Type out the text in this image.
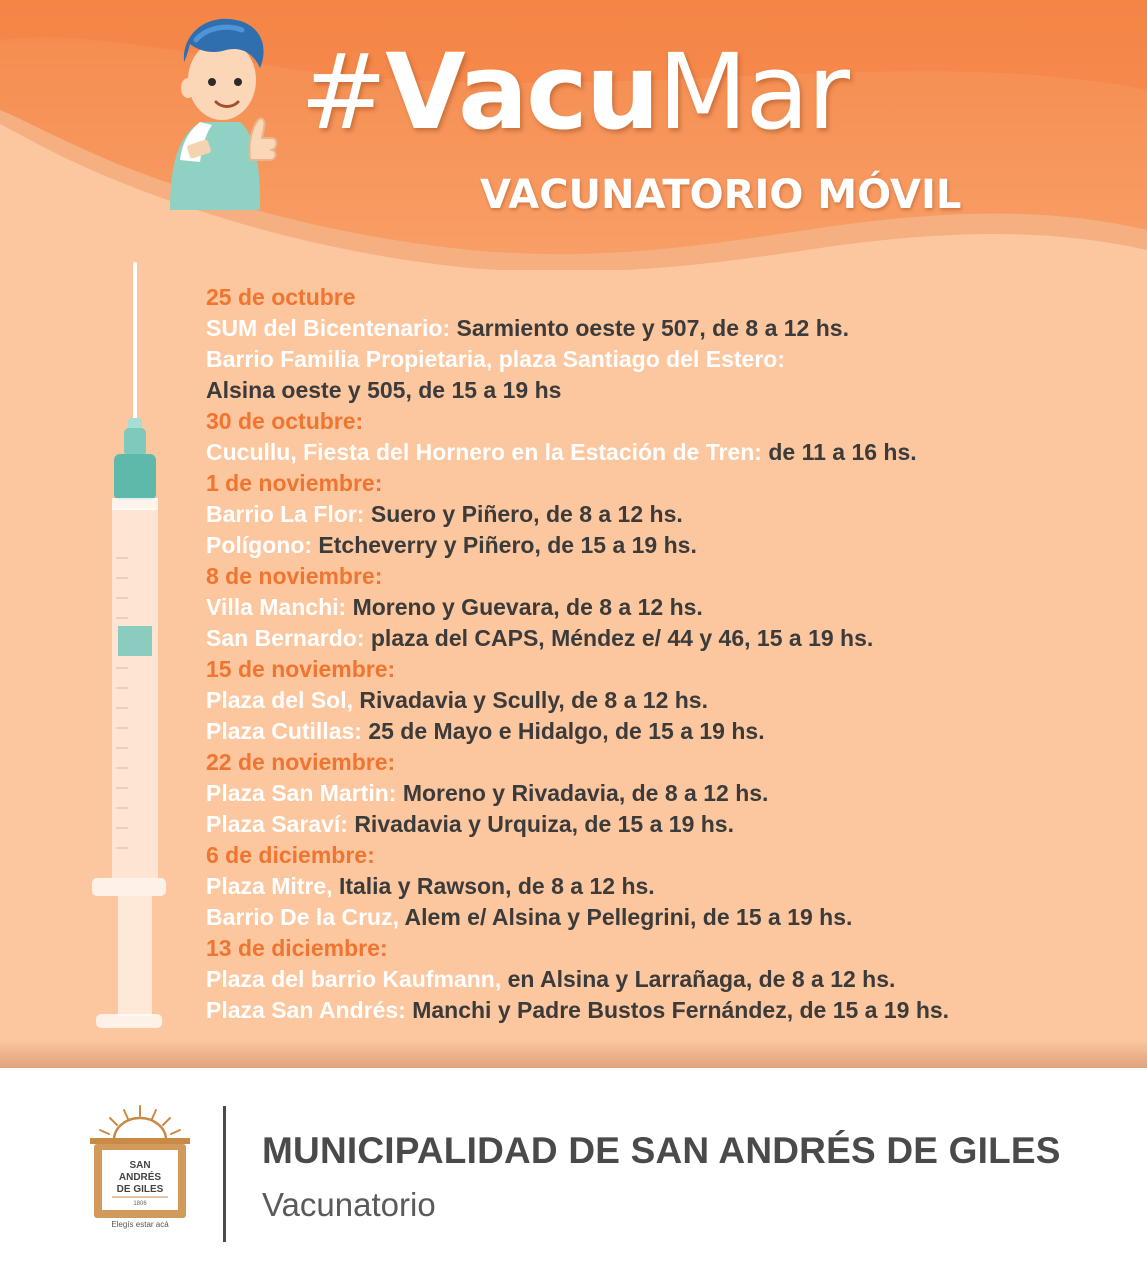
#VacuMar
VACUNATORIO MÓVIL
25 de octubre
SUM del Bicentenario: Sarmiento oeste y 507, de 8 a 12 hs.
Barrio Familia Propietaria, plaza Santiago del Estero:
Alsina oeste y 505, de 15 a 19 hs
30 de octubre:
Cucullu, Fiesta del Hornero en la Estación de Tren: de 11 a 16 hs.
1 de noviembre:
Barrio La Flor: Suero y Piñero, de 8 a 12 hs.
Polígono: Etcheverry y Piñero, de 15 a 19 hs.
8 de noviembre:
Villa Manchi: Moreno y Guevara, de 8 a 12 hs.
San Bernardo: plaza del CAPS, Méndez e/ 44 y 46, 15 a 19 hs.
15 de noviembre:
Plaza del Sol, Rivadavia y Scully, de 8 a 12 hs.
Plaza Cutillas: 25 de Mayo e Hidalgo, de 15 a 19 hs.
22 de noviembre:
Plaza San Martin: Moreno y Rivadavia, de 8 a 12 hs.
Plaza Saraví: Rivadavia y Urquiza, de 15 a 19 hs.
6 de diciembre:
Plaza Mitre, Italia y Rawson, de 8 a 12 hs.
Barrio De la Cruz, Alem e/ Alsina y Pellegrini, de 15 a 19 hs.
13 de diciembre:
Plaza del barrio Kaufmann, en Alsina y Larrañaga, de 8 a 12 hs.
Plaza San Andrés: Manchi y Padre Bustos Fernández, de 15 a 19 hs.
SAN
ANDRÉS
DE GILES
1806
Elegís estar acá
MUNICIPALIDAD DE SAN ANDRÉS DE GILES
Vacunatorio
